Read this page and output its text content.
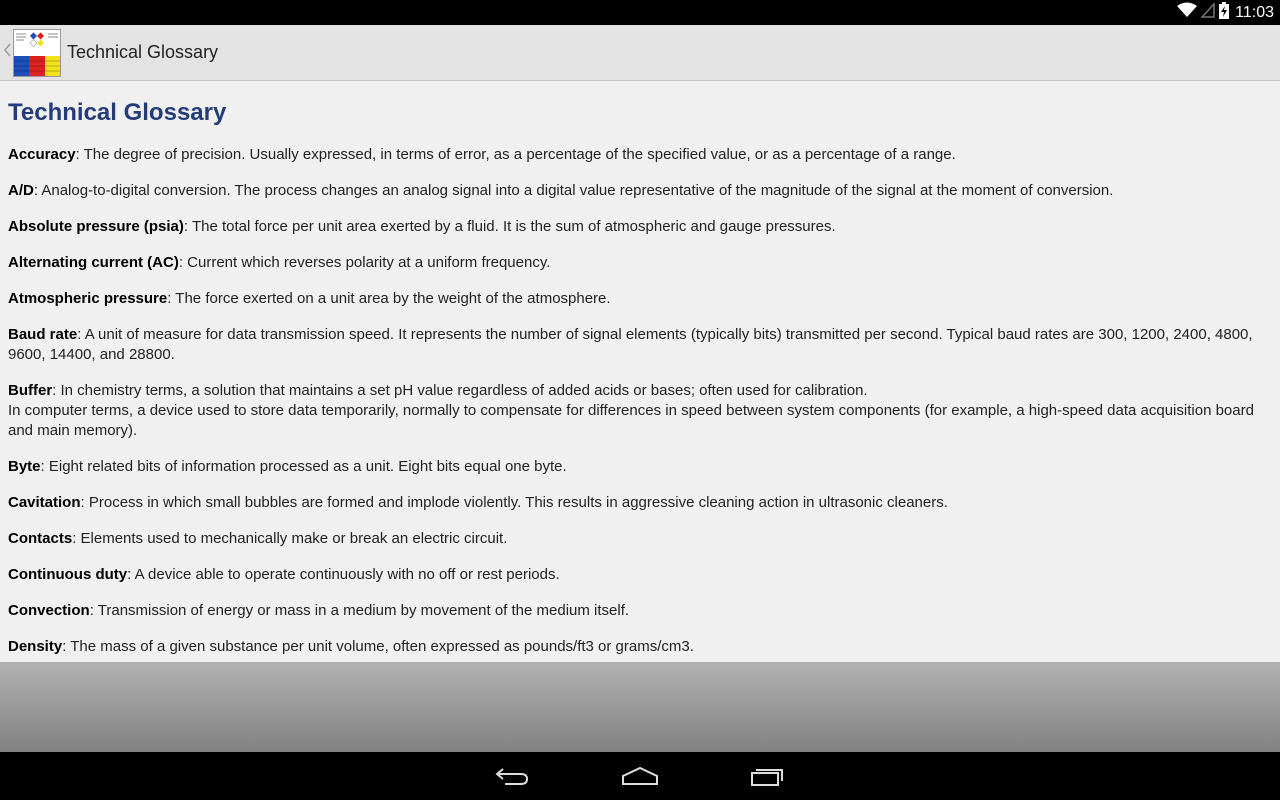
11:03
Technical Glossary
Technical Glossary

Accuracy: The degree of precision. Usually expressed, in terms of error, as a percentage of the specified value, or as a percentage of a range.

A/D: Analog-to-digital conversion. The process changes an analog signal into a digital value representative of the magnitude of the signal at the moment of conversion.

Absolute pressure (psia): The total force per unit area exerted by a fluid. It is the sum of atmospheric and gauge pressures.

Alternating current (AC): Current which reverses polarity at a uniform frequency.

Atmospheric pressure: The force exerted on a unit area by the weight of the atmosphere.

Baud rate: A unit of measure for data transmission speed. It represents the number of signal elements (typically bits) transmitted per second. Typical baud rates are 300, 1200, 2400, 4800, 9600, 14400, and 28800.

Buffer: In chemistry terms, a solution that maintains a set pH value regardless of added acids or bases; often used for calibration.
In computer terms, a device used to store data temporarily, normally to compensate for differences in speed between system components (for example, a high-speed data acquisition board and main memory).

Byte: Eight related bits of information processed as a unit. Eight bits equal one byte.

Cavitation: Process in which small bubbles are formed and implode violently. This results in aggressive cleaning action in ultrasonic cleaners.

Contacts: Elements used to mechanically make or break an electric circuit.

Continuous duty: A device able to operate continuously with no off or rest periods.

Convection: Transmission of energy or mass in a medium by movement of the medium itself.

Density: The mass of a given substance per unit volume, often expressed as pounds/ft3 or grams/cm3.
